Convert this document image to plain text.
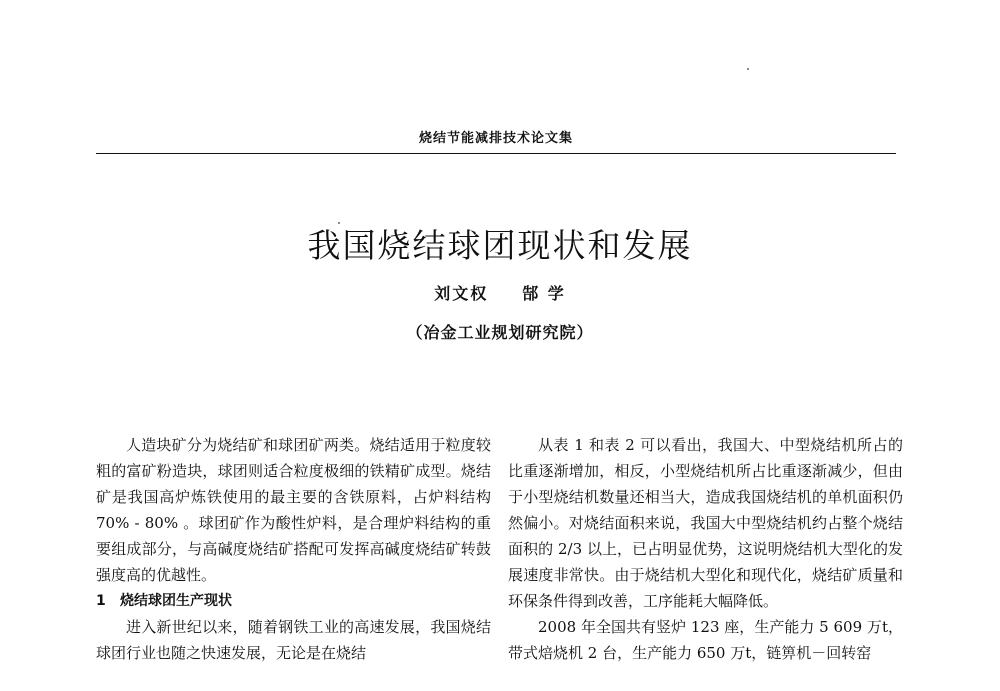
烧结节能减排技术论文集
我国烧结球团现状和发展
刘文权 郜 学
（冶金工业规划研究院）

人造块矿分为烧结矿和球团矿两类。烧结适用于粒度较粗的富矿粉造块，球团则适合粒度极细的铁精矿成型。烧结矿是我国高炉炼铁使用的最主要的含铁原料，占炉料结构 70% - 80% 。球团矿作为酸性炉料，是合理炉料结构的重要组成部分，与高碱度烧结矿搭配可发挥高碱度烧结矿转鼓强度高的优越性。

1 烧结球团生产现状

进入新世纪以来，随着钢铁工业的高速发展，我国烧结球团行业也随之快速发展，无论是在烧结

从表 1 和表 2 可以看出，我国大、中型烧结机所占的比重逐渐增加，相反，小型烧结机所占比重逐渐减少，但由于小型烧结机数量还相当大，造成我国烧结机的单机面积仍然偏小。对烧结面积来说，我国大中型烧结机约占整个烧结面积的 2/3 以上，已占明显优势，这说明烧结机大型化的发展速度非常快。由于烧结机大型化和现代化，烧结矿质量和环保条件得到改善，工序能耗大幅降低。

2008 年全国共有竖炉 123 座，生产能力 5 609 万t，带式焙烧机 2 台，生产能力 650 万t，链箅机－回转窑
